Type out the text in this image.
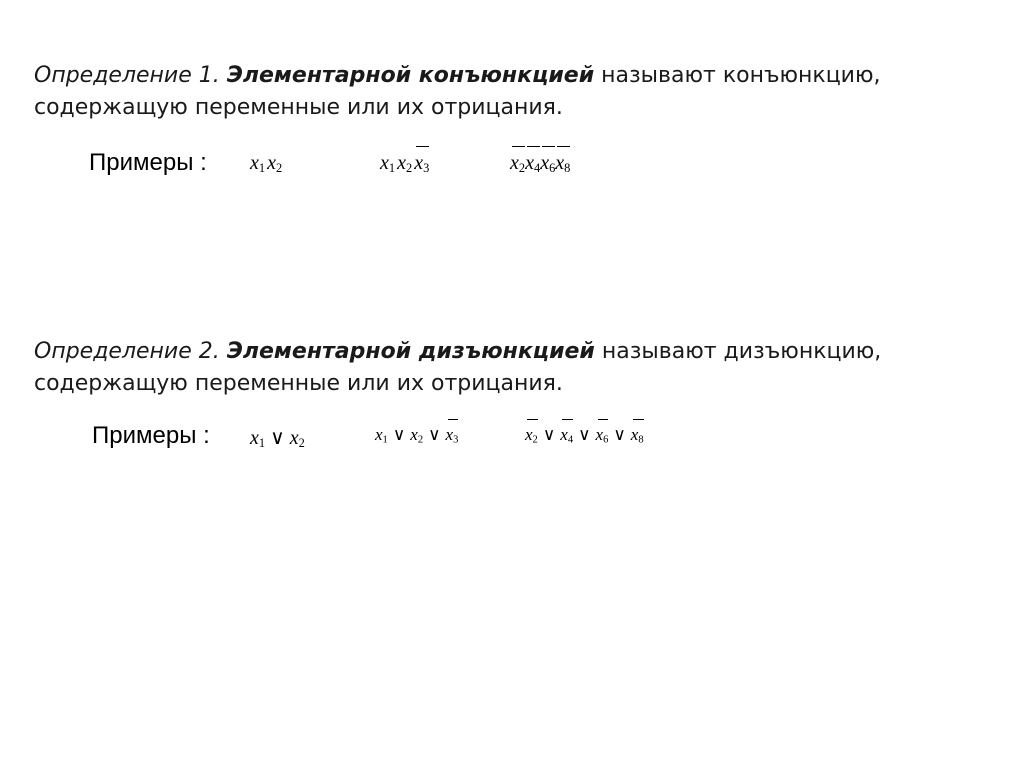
Определение 1. Элементарной конъюнкцией называют конъюнкцию,
содержащую переменные или их отрицания.
Примеры : $x_1$ $x_2$	$x_1$ $x_2$ $x_3$	$x_2x_4x_6x_8$
Определение 2. Элементарной дизъюнкцией называют дизъюнкцию,
содержащую переменные или их отрицания.
Примеры : $x_1$ ∨ $x_2$	$x_1$ ∨ $x_2$ ∨ $x_3$	$x_2$ ∨ $x_4$ ∨ $x_6$ ∨ $x_8$
